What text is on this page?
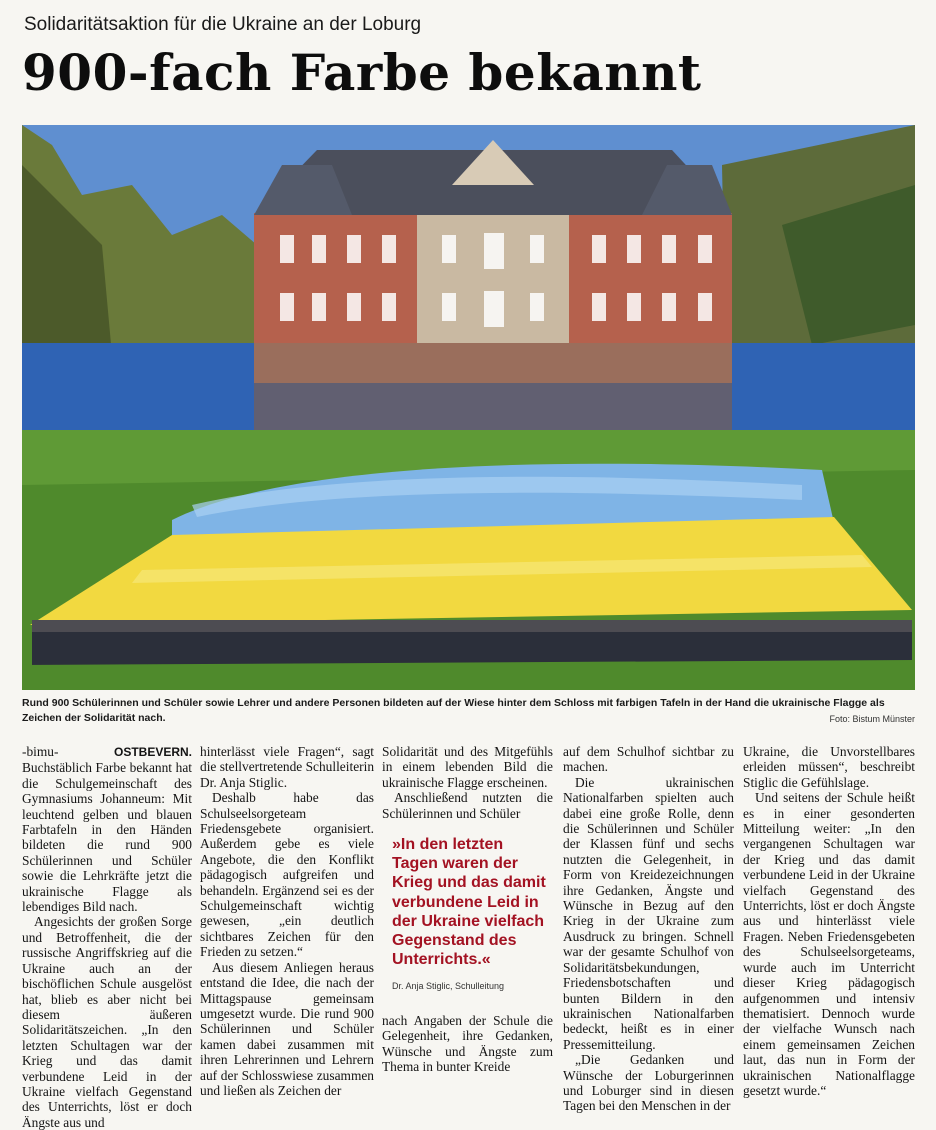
Solidaritätsaktion für die Ukraine an der Loburg
900-fach Farbe bekannt
Rund 900 Schülerinnen und Schüler sowie Lehrer und andere Personen bildeten auf der Wiese hinter dem Schloss mit farbigen Tafeln in der Hand die ukrainische Flagge als Zeichen der Solidarität nach.	Foto: Bistum Münster

-bimu-	OSTBEVERN. Buchstäblich Farbe bekannt hat die Schulgemeinschaft des Gymnasiums Johanneum: Mit leuchtend gelben und blauen Farbtafeln in den Händen bildeten die rund 900 Schülerinnen und Schüler sowie die Lehrkräfte jetzt die ukrainische Flagge als lebendiges Bild nach.

Angesichts der großen Sorge und Betroffenheit, die der russische Angriffskrieg auf die Ukraine auch an der bischöflichen Schule ausgelöst hat, blieb es aber nicht bei diesem äußeren Solidaritätszeichen. „In den letzten Schultagen war der Krieg und das damit verbundene Leid in der Ukraine vielfach Gegenstand des Unterrichts, löst er doch Ängste aus und

hinterlässt viele Fragen“, sagt die stellvertretende Schulleiterin Dr. Anja Stiglic.

Deshalb habe das Schulseelsorgeteam Friedensgebete organisiert. Außerdem gebe es viele Angebote, die den Konflikt pädagogisch aufgreifen und behandeln. Ergänzend sei es der Schulgemeinschaft wichtig gewesen, „ein deutlich sichtbares Zeichen für den Frieden zu setzen.“

Aus diesem Anliegen heraus entstand die Idee, die nach der Mittagspause gemeinsam umgesetzt wurde. Die rund 900 Schülerinnen und Schüler kamen dabei zusammen mit ihren Lehrerinnen und Lehrern auf der Schlosswiese zusammen und ließen als Zeichen der

Solidarität und des Mitgefühls in einem lebenden Bild die ukrainische Flagge erscheinen.

Anschließend nutzten die Schülerinnen und Schüler

»In den letzten Tagen waren der Krieg und das damit verbundene Leid in der Ukraine vielfach Gegenstand des Unterrichts.«
Dr. Anja Stiglic, Schulleitung

nach Angaben der Schule die Gelegenheit, ihre Gedanken, Wünsche und Ängste zum Thema in bunter Kreide

auf dem Schulhof sichtbar zu machen.

Die ukrainischen Nationalfarben spielten auch dabei eine große Rolle, denn die Schülerinnen und Schüler der Klassen fünf und sechs nutzten die Gelegenheit, in Form von Kreidezeichnungen ihre Gedanken, Ängste und Wünsche in Bezug auf den Krieg in der Ukraine zum Ausdruck zu bringen. Schnell war der gesamte Schulhof von Solidaritätsbekundungen, Friedensbotschaften und bunten Bildern in den ukrainischen Nationalfarben bedeckt, heißt es in einer Pressemitteilung.

„Die Gedanken und Wünsche der Loburgerinnen und Loburger sind in diesen Tagen bei den Menschen in der

Ukraine, die Unvorstellbares erleiden müssen“, beschreibt Stiglic die Gefühlslage.

Und seitens der Schule heißt es in einer gesonderten Mitteilung weiter: „In den vergangenen Schultagen war der Krieg und das damit verbundene Leid in der Ukraine vielfach Gegenstand des Unterrichts, löst er doch Ängste aus und hinterlässt viele Fragen. Neben Friedensgebeten des Schulseelsorgeteams, wurde auch im Unterricht dieser Krieg pädagogisch aufgenommen und intensiv thematisiert. Dennoch wurde der vielfache Wunsch nach einem gemeinsamen Zeichen laut, das nun in Form der ukrainischen Nationalflagge gesetzt wurde.“
